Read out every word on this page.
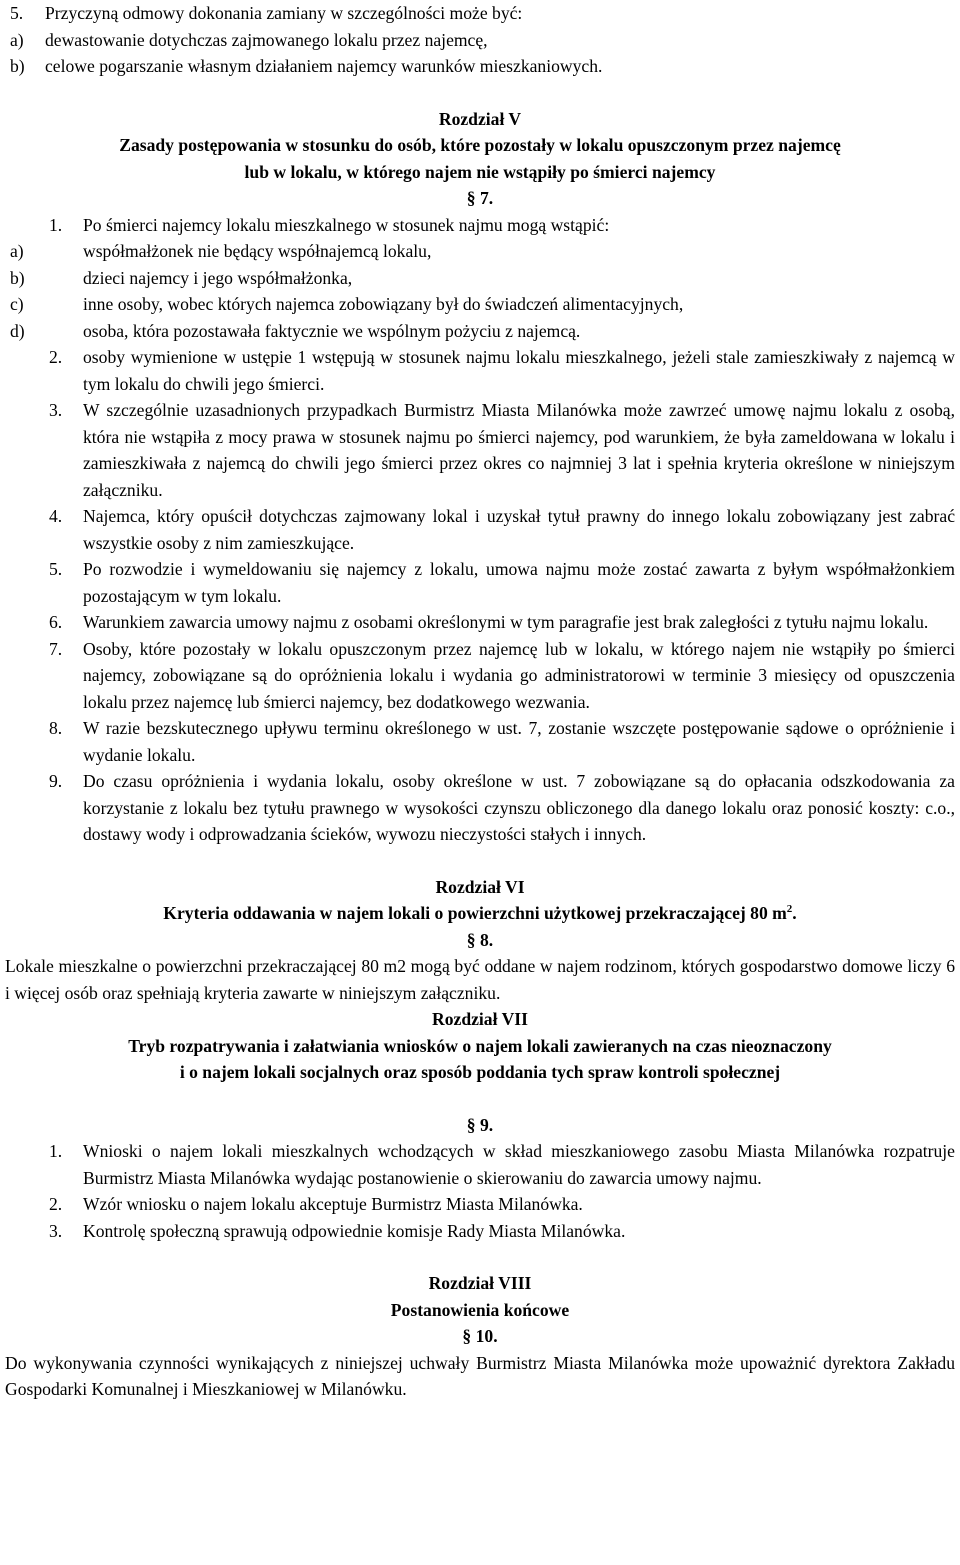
5.	Przyczyną odmowy dokonania zamiany w szczególności może być:
a)	dewastowanie dotychczas zajmowanego lokalu przez najemcę,
b)	celowe pogarszanie własnym działaniem najemcy warunków mieszkaniowych.

Rozdział V

Zasady postępowania w stosunku do osób, które pozostały w lokalu opuszczonym przez najemcę

lub w lokalu, w którego najem nie wstąpiły po śmierci najemcy

§ 7.

1.	Po śmierci najemcy lokalu mieszkalnego w stosunek najmu mogą wstąpić:
a)	współmałżonek nie będący współnajemcą lokalu,
b)	dzieci najemcy i jego współmałżonka,
c)	inne osoby, wobec których najemca zobowiązany był do świadczeń alimentacyjnych,
d)	osoba, która pozostawała faktycznie we wspólnym pożyciu z najemcą.
2.	osoby wymienione w ustępie 1 wstępują w stosunek najmu lokalu mieszkalnego, jeżeli stale zamieszkiwały z najemcą w tym lokalu do chwili jego śmierci.
3.	W szczególnie uzasadnionych przypadkach Burmistrz Miasta Milanówka może zawrzeć umowę najmu lokalu z osobą, która nie wstąpiła z mocy prawa w stosunek najmu po śmierci najemcy, pod warunkiem, że była zameldowana w lokalu i zamieszkiwała z najemcą do chwili jego śmierci przez okres co najmniej 3 lat i spełnia kryteria określone w niniejszym załączniku.
4.	Najemca, który opuścił dotychczas zajmowany lokal i uzyskał tytuł prawny do innego lokalu zobowiązany jest zabrać wszystkie osoby z nim zamieszkujące.
5.	Po rozwodzie i wymeldowaniu się najemcy z lokalu, umowa najmu może zostać zawarta z byłym współmałżonkiem pozostającym w tym lokalu.
6.	Warunkiem zawarcia umowy najmu z osobami określonymi w tym paragrafie jest brak zaległości z tytułu najmu lokalu.
7.	Osoby, które pozostały w lokalu opuszczonym przez najemcę lub w lokalu, w którego najem nie wstąpiły po śmierci najemcy, zobowiązane są do opróżnienia lokalu i wydania go administratorowi w terminie 3 miesięcy od opuszczenia lokalu przez najemcę lub śmierci najemcy, bez dodatkowego wezwania.
8.	W razie bezskutecznego upływu terminu określonego w ust. 7, zostanie wszczęte postępowanie sądowe o opróżnienie i wydanie lokalu.
9.	Do czasu opróżnienia i wydania lokalu, osoby określone w ust. 7 zobowiązane są do opłacania odszkodowania za korzystanie z lokalu bez tytułu prawnego w wysokości czynszu obliczonego dla danego lokalu oraz ponosić koszty: c.o., dostawy wody i odprowadzania ścieków, wywozu nieczystości stałych i innych.

Rozdział VI

Kryteria oddawania w najem lokali o powierzchni użytkowej przekraczającej 80 $m^2$.

§ 8.

Lokale mieszkalne o powierzchni przekraczającej 80 m2 mogą być oddane w najem rodzinom, których gospodarstwo domowe liczy 6 i więcej osób oraz spełniają kryteria zawarte w niniejszym załączniku.

Rozdział VII

Tryb rozpatrywania i załatwiania wniosków o najem lokali zawieranych na czas nieoznaczony

i o najem lokali socjalnych oraz sposób poddania tych spraw kontroli społecznej

§ 9.

1.	Wnioski o najem lokali mieszkalnych wchodzących w skład mieszkaniowego zasobu Miasta Milanówka rozpatruje Burmistrz Miasta Milanówka wydając postanowienie o skierowaniu do zawarcia umowy najmu.
2.	Wzór wniosku o najem lokalu akceptuje Burmistrz Miasta Milanówka.
3.	Kontrolę społeczną sprawują odpowiednie komisje Rady Miasta Milanówka.

Rozdział VIII

Postanowienia końcowe

§ 10.

Do wykonywania czynności wynikających z niniejszej uchwały Burmistrz Miasta Milanówka może upoważnić dyrektora Zakładu Gospodarki Komunalnej i Mieszkaniowej w Milanówku.
